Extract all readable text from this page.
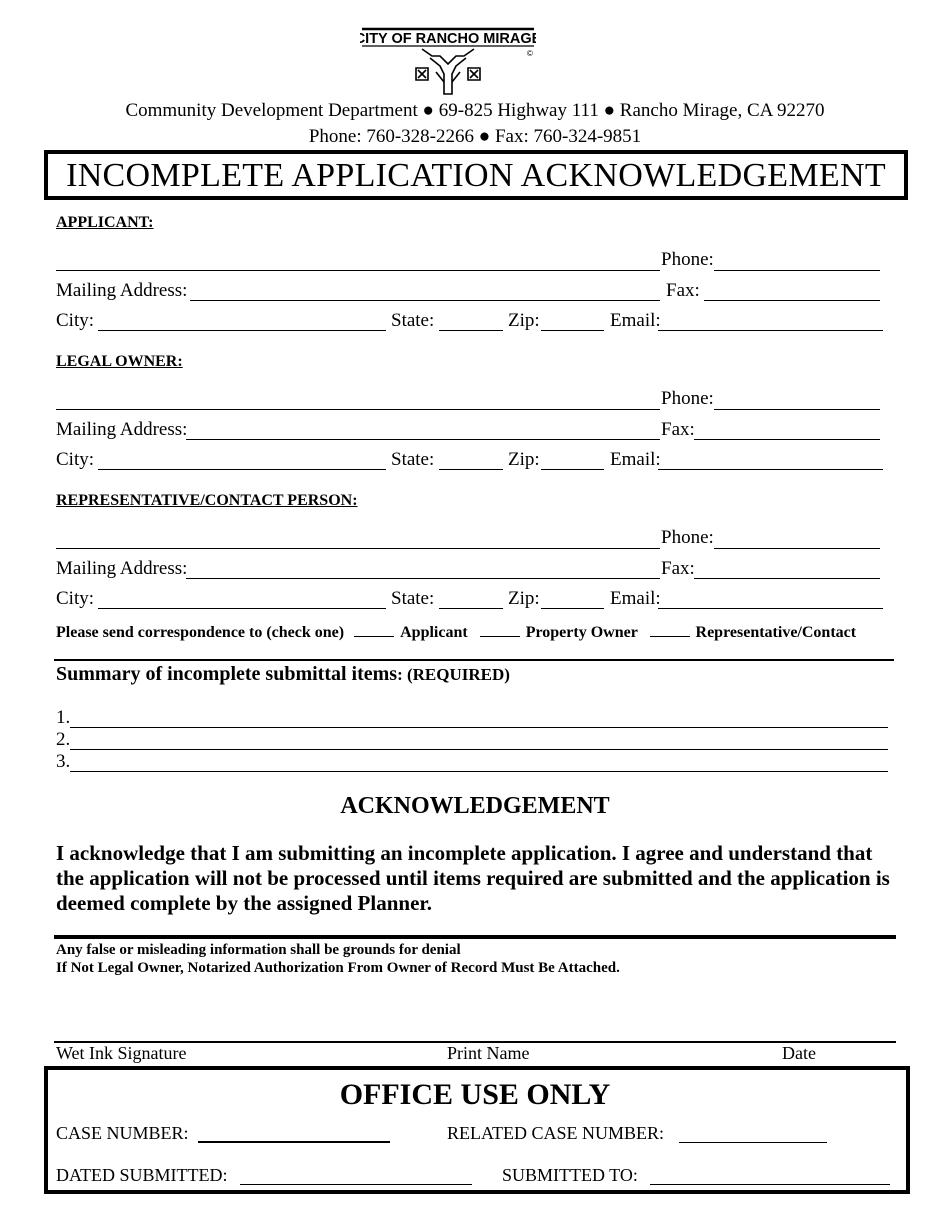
CITY OF RANCHO MIRAGE
©
Community Development Department ● 69-825 Highway 111 ● Rancho Mirage, CA 92270
Phone: 760-328-2266 ● Fax: 760-324-9851
INCOMPLETE APPLICATION ACKNOWLEDGEMENT
APPLICANT:
Phone:
Mailing Address:	Fax:
City:	State:	Zip:	Email:
LEGAL OWNER:
Phone:
Mailing Address:	Fax:
City:	State:	Zip:	Email:
REPRESENTATIVE/CONTACT PERSON:
Phone:
Mailing Address:	Fax:
City:	State:	Zip:	Email:
Please send correspondence to (check one)	Applicant	Property Owner	Representative/Contact
Summary of incomplete submittal items: (REQUIRED)
1.
2.
3.
ACKNOWLEDGEMENT
I acknowledge that I am submitting an incomplete application. I agree and understand that the application will not be processed until items required are submitted and the application is deemed complete by the assigned Planner.
Any false or misleading information shall be grounds for denial
If Not Legal Owner, Notarized Authorization From Owner of Record Must Be Attached.
Wet Ink Signature	Print Name	Date
OFFICE USE ONLY
CASE NUMBER:	RELATED CASE NUMBER:
DATED SUBMITTED:	SUBMITTED TO:
